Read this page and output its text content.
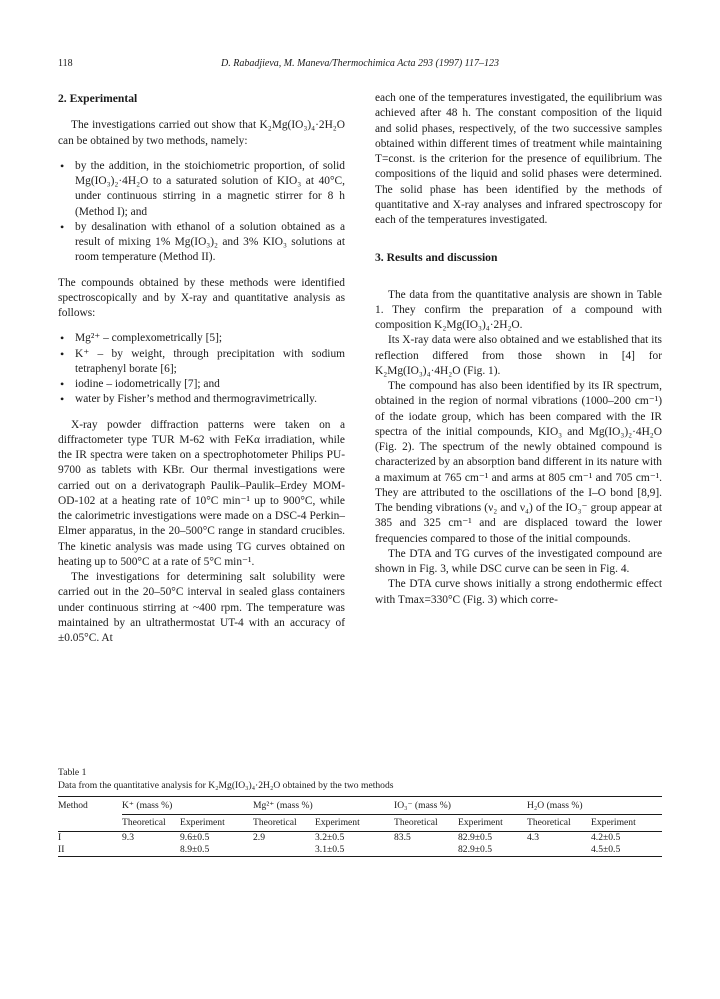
118	D. Rabadjieva, M. Maneva/Thermochimica Acta 293 (1997) 117–123
2. Experimental

The investigations carried out show that K₂Mg(IO₃)₄·2H₂O can be obtained by two methods, namely:

• by the addition, in the stoichiometric proportion, of solid Mg(IO₃)₂·4H₂O to a saturated solution of KIO₃ at 40°C, under continuous stirring in a magnetic stirrer for 8 h (Method I); and
• by desalination with ethanol of a solution obtained as a result of mixing 1% Mg(IO₃)₂ and 3% KIO₃ solutions at room temperature (Method II).

The compounds obtained by these methods were identified spectroscopically and by X-ray and quantitative analysis as follows:

• Mg²⁺ – complexometrically [5];
• K⁺ – by weight, through precipitation with sodium tetraphenyl borate [6];
• iodine – iodometrically [7]; and
• water by Fisher’s method and thermogravimetrically.

X-ray powder diffraction patterns were taken on a diffractometer type TUR M-62 with FeKα irradiation, while the IR spectra were taken on a spectrophotometer Philips PU-9700 as tablets with KBr. Our thermal investigations were carried out on a derivatograph Paulik–Paulik–Erdey MOM-OD-102 at a heating rate of 10°C min⁻¹ up to 900°C, while the calorimetric investigations were made on a DSC-4 Perkin–Elmer apparatus, in the 20–500°C range in standard crucibles. The kinetic analysis was made using TG curves obtained on heating up to 500°C at a rate of 5°C min⁻¹.

The investigations for determining salt solubility were carried out in the 20–50°C interval in sealed glass containers under continuous stirring at ~400 rpm. The temperature was maintained by an ultrathermostat UT-4 with an accuracy of ±0.05°C. At

each one of the temperatures investigated, the equilibrium was achieved after 48 h. The constant composition of the liquid and solid phases, respectively, of the two successive samples obtained within different times of treatment while maintaining T=const. is the criterion for the presence of equilibrium. The compositions of the liquid and solid phases were determined. The solid phase has been identified by the methods of quantitative and X-ray analyses and infrared spectroscopy for each of the temperatures investigated.

3. Results and discussion

The data from the quantitative analysis are shown in Table 1. They confirm the preparation of a compound with composition K₂Mg(IO₃)₄·2H₂O.

Its X-ray data were also obtained and we established that its reflection differed from those shown in [4] for K₂Mg(IO₃)₄·4H₂O (Fig. 1).

The compound has also been identified by its IR spectrum, obtained in the region of normal vibrations (1000–200 cm⁻¹) of the iodate group, which has been compared with the IR spectra of the initial compounds, KIO₃ and Mg(IO₃)₂·4H₂O (Fig. 2). The spectrum of the newly obtained compound is characterized by an absorption band different in its nature with a maximum at 765 cm⁻¹ and arms at 805 cm⁻¹ and 705 cm⁻¹. They are attributed to the oscillations of the I–O bond [8,9]. The bending vibrations (ν₂ and ν₄) of the IO₃⁻ group appear at 385 and 325 cm⁻¹ and are displaced toward the lower frequencies compared to those of the initial compounds.

The DTA and TG curves of the investigated compound are shown in Fig. 3, while DSC curve can be seen in Fig. 4.

The DTA curve shows initially a strong endothermic effect with Tmax=330°C (Fig. 3) which corre-

Table 1
Data from the quantitative analysis for K₂Mg(IO₃)₄·2H₂O obtained by the two methods
Method	K⁺ (mass %)		Mg²⁺ (mass %)		IO₃⁻ (mass %)		H₂O (mass %)	
	Theoretical	Experiment	Theoretical	Experiment	Theoretical	Experiment	Theoretical	Experiment
I	9.3	9.6±0.5	2.9	3.2±0.5	83.5	82.9±0.5	4.3	4.2±0.5
II		8.9±0.5		3.1±0.5		82.9±0.5		4.5±0.5
